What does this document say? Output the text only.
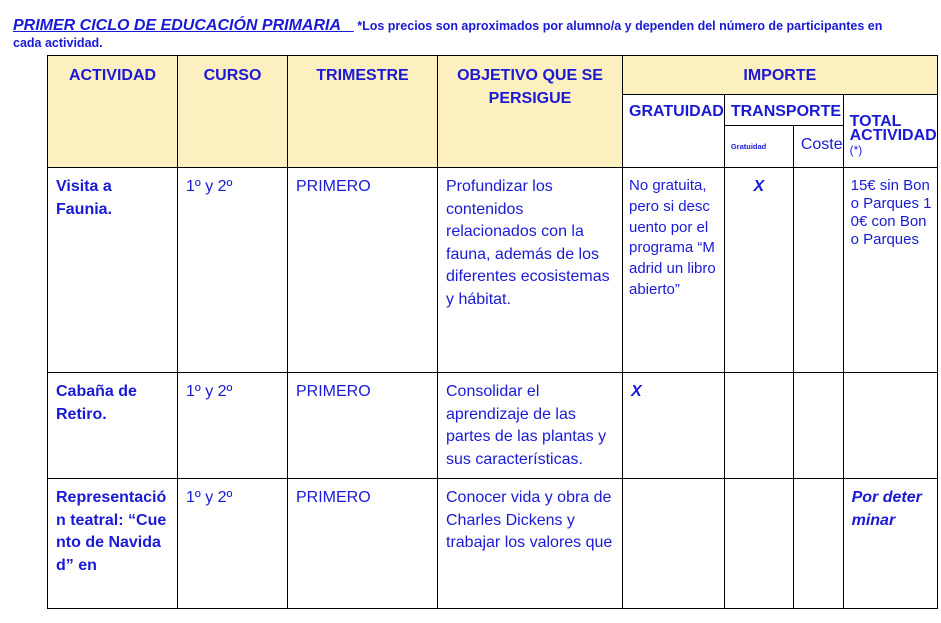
PRIMER CICLO DE EDUCACIÓN PRIMARIA    *Los precios son aproximados por alumno/a y dependen del número de participantes en
cada actividad.
ACTIVIDAD	CURSO	TRIMESTRE	OBJETIVO QUE SE PERSIGUE	IMPORTE			

				GRATUIDAD	TRANSPORTE		TOTAL ACTIVIDAD
(*)

					Gratuidad	Coste	

Visita a Faunia.	1º y 2º	PRIMERO	Profundizar los contenidos relacionados con la fauna, además de los diferentes ecosistemas y hábitat.	No gratuita, pero si descuento por el programa “Madrid un libro abierto”	X		15€ sin Bono Parques 10€ con Bono Parques

Cabaña de Retiro.	1º y 2º	PRIMERO	Consolidar el aprendizaje de las partes de las plantas y sus características.	X			

Representación teatral: “Cuento de Navidad” en	1º y 2º	PRIMERO	Conocer vida y obra de Charles Dickens y trabajar los valores que				Por determinar
